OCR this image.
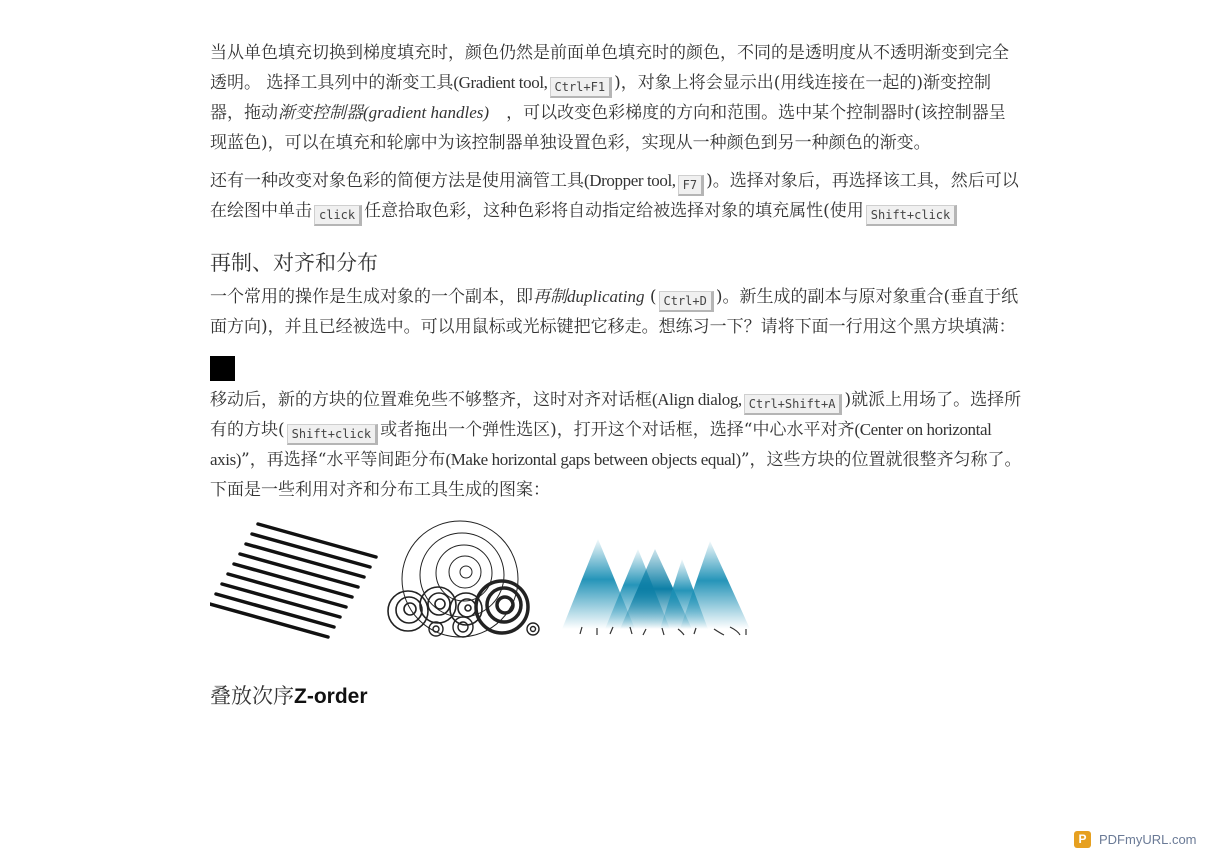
当从单色填充切换到梯度填充时，颜色仍然是前面单色填充时的颜色，不同的是透明度从不透明渐变到完全透明。 选择工具列中的渐变工具(Gradient tool, Ctrl+F1 )，对象上将会显示出(用线连接在一起的)渐变控制器，拖动渐变控制器(gradient handles)  ，可以改变色彩梯度的方向和范围。选中某个控制器时(该控制器呈现蓝色)，可以在填充和轮廓中为该控制器单独设置色彩，实现从一种颜色到另一种颜色的渐变。

还有一种改变对象色彩的简便方法是使用滴管工具(Dropper tool, F7 )。选择对象后，再选择该工具，然后可以在绘图中单击 click 任意拾取色彩，这种色彩将自动指定给被选择对象的填充属性(使用 Shift+click

再制、对齐和分布

一个常用的操作是生成对象的一个副本，即再制duplicating ( Ctrl+D )。新生成的副本与原对象重合(垂直于纸面方向)，并且已经被选中。可以用鼠标或光标键把它移走。想练习一下？请将下面一行用这个黑方块填满：

移动后，新的方块的位置难免些不够整齐，这时对齐对话框(Align dialog, Ctrl+Shift+A )就派上用场了。选择所有的方块( Shift+click 或者拖出一个弹性选区)，打开这个对话框，选择“中心水平对齐(Center on horizontal axis)”，再选择“水平等间距分布(Make horizontal gaps between objects equal)”，这些方块的位置就很整齐匀称了。下面是一些利用对齐和分布工具生成的图案：

叠放次序Z-order
P PDFmyURL.com
